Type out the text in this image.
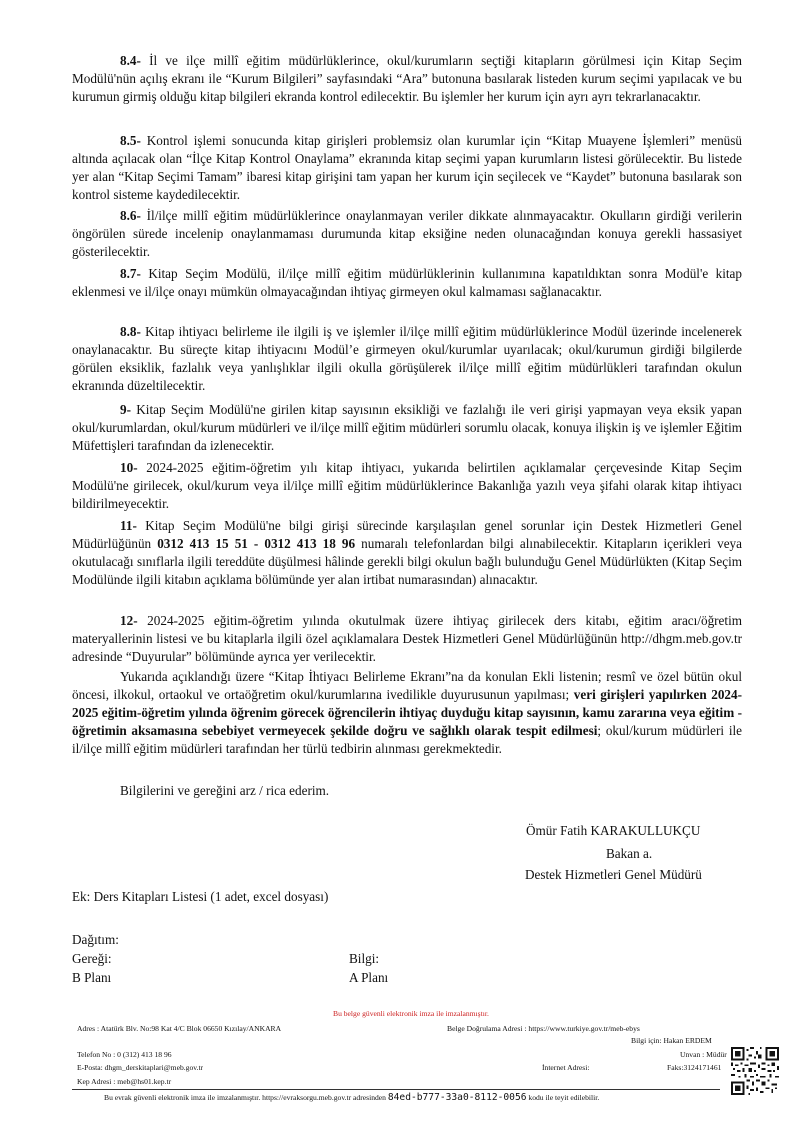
8.4- İl ve ilçe millî eğitim müdürlüklerince, okul/kurumların seçtiği kitapların görülmesi için Kitap Seçim Modülü'nün açılış ekranı ile “Kurum Bilgileri” sayfasındaki “Ara” butonuna basılarak listeden kurum seçimi yapılacak ve bu kurumun girmiş olduğu kitap bilgileri ekranda kontrol edilecektir. Bu işlemler her kurum için ayrı ayrı tekrarlanacaktır.

8.5- Kontrol işlemi sonucunda kitap girişleri problemsiz olan kurumlar için “Kitap Muayene İşlemleri” menüsü altında açılacak olan “İlçe Kitap Kontrol Onaylama” ekranında kitap seçimi yapan kurumların listesi görülecektir. Bu listede yer alan “Kitap Seçimi Tamam” ibaresi kitap girişini tam yapan her kurum için seçilecek ve “Kaydet” butonuna basılarak son kontrol sisteme kaydedilecektir.

8.6- İl/ilçe millî eğitim müdürlüklerince onaylanmayan veriler dikkate alınmayacaktır. Okulların girdiği verilerin öngörülen sürede incelenip onaylanmaması durumunda kitap eksiğine neden olunacağından konuya gerekli hassasiyet gösterilecektir.

8.7- Kitap Seçim Modülü, il/ilçe millî eğitim müdürlüklerinin kullanımına kapatıldıktan sonra Modül'e kitap eklenmesi ve il/ilçe onayı mümkün olmayacağından ihtiyaç girmeyen okul kalmaması sağlanacaktır.

8.8- Kitap ihtiyacı belirleme ile ilgili iş ve işlemler il/ilçe millî eğitim müdürlüklerince Modül üzerinde incelenerek onaylanacaktır. Bu süreçte kitap ihtiyacını Modül’e girmeyen okul/kurumlar uyarılacak; okul/kurumun girdiği bilgilerde görülen eksiklik, fazlalık veya yanlışlıklar ilgili okulla görüşülerek il/ilçe millî eğitim müdürlükleri tarafından okulun ekranında düzeltilecektir.

9- Kitap Seçim Modülü'ne girilen kitap sayısının eksikliği ve fazlalığı ile veri girişi yapmayan veya eksik yapan okul/kurumlardan, okul/kurum müdürleri ve il/ilçe millî eğitim müdürleri sorumlu olacak, konuya ilişkin iş ve işlemler Eğitim Müfettişleri tarafından da izlenecektir.

10- 2024-2025 eğitim-öğretim yılı kitap ihtiyacı, yukarıda belirtilen açıklamalar çerçevesinde Kitap Seçim Modülü'ne girilecek, okul/kurum veya il/ilçe millî eğitim müdürlüklerince Bakanlığa yazılı veya şifahi olarak kitap ihtiyacı bildirilmeyecektir.

11- Kitap Seçim Modülü'ne bilgi girişi sürecinde karşılaşılan genel sorunlar için Destek Hizmetleri Genel Müdürlüğünün 0312 413 15 51 - 0312 413 18 96 numaralı telefonlardan bilgi alınabilecektir. Kitapların içerikleri veya okutulacağı sınıflarla ilgili tereddüte düşülmesi hâlinde gerekli bilgi okulun bağlı bulunduğu Genel Müdürlükten (Kitap Seçim Modülünde ilgili kitabın açıklama bölümünde yer alan irtibat numarasından) alınacaktır.

12- 2024-2025 eğitim-öğretim yılında okutulmak üzere ihtiyaç girilecek ders kitabı, eğitim aracı/öğretim materyallerinin listesi ve bu kitaplarla ilgili özel açıklamalara Destek Hizmetleri Genel Müdürlüğünün http://dhgm.meb.gov.tr adresinde “Duyurular” bölümünde ayrıca yer verilecektir.

Yukarıda açıklandığı üzere “Kitap İhtiyacı Belirleme Ekranı”na da konulan Ekli listenin; resmî ve özel bütün okul öncesi, ilkokul, ortaokul ve ortaöğretim okul/kurumlarına ivedilikle duyurusunun yapılması; veri girişleri yapılırken 2024-2025 eğitim-öğretim yılında öğrenim görecek öğrencilerin ihtiyaç duyduğu kitap sayısının, kamu zararına veya eğitim - öğretimin aksamasına sebebiyet vermeyecek şekilde doğru ve sağlıklı olarak tespit edilmesi; okul/kurum müdürleri ile il/ilçe millî eğitim müdürleri tarafından her türlü tedbirin alınması gerekmektedir.

Bilgilerini ve gereğini arz / rica ederim.

Ömür Fatih KARAKULLUKÇU
Bakan a.
Destek Hizmetleri Genel Müdürü
Ek: Ders Kitapları Listesi (1 adet, excel dosyası)
Dağıtım:
Gereği:
B Planı
Bilgi:
A Planı
Bu belge güvenli elektronik imza ile imzalanmıştır.
Adres : Atatürk Blv. No:98 Kat 4/C Blok 06650 Kızılay/ANKARA	Belge Doğrulama Adresi : https://www.turkiye.gov.tr/meb-ebys
Bilgi için: Hakan ERDEM
Telefon No : 0 (312) 413 18 96	Unvan : Müdür
E-Posta: dhgm_derskitaplari@meb.gov.tr	İnternet Adresi:	Faks:3124171461
Kep Adresi : meb@hs01.kep.tr
Bu evrak güvenli elektronik imza ile imzalanmıştır. https://evraksorgu.meb.gov.tr adresinden 84ed-b777-33a0-8112-0056 kodu ile teyit edilebilir.
